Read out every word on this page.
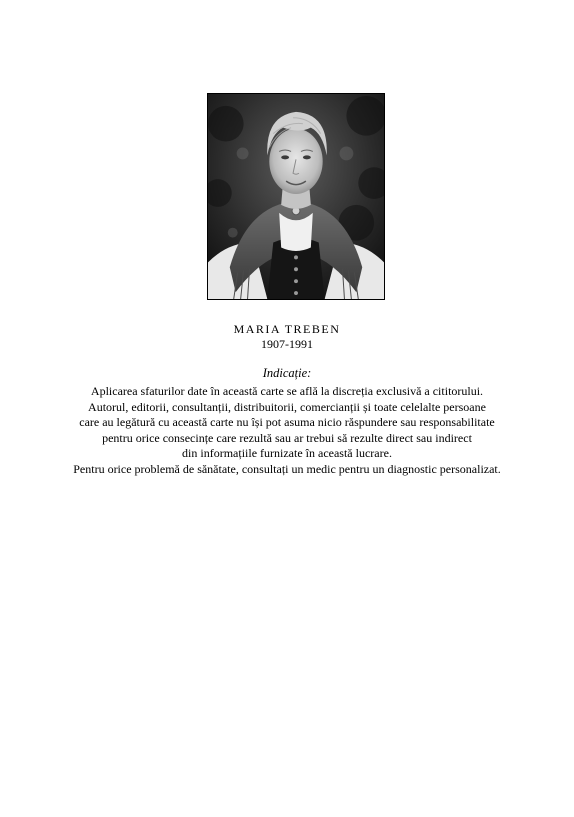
MARIA TREBEN
1907-1991
Indicație:
Aplicarea sfaturilor date în această carte se află la discreția exclusivă a cititorului.
Autorul, editorii, consultanții, distribuitorii, comercianții și toate celelalte persoane
care au legătură cu această carte nu își pot asuma nicio răspundere sau responsabilitate
pentru orice consecințe care rezultă sau ar trebui să rezulte direct sau indirect
din informațiile furnizate în această lucrare.
Pentru orice problemă de sănătate, consultați un medic pentru un diagnostic personalizat.
